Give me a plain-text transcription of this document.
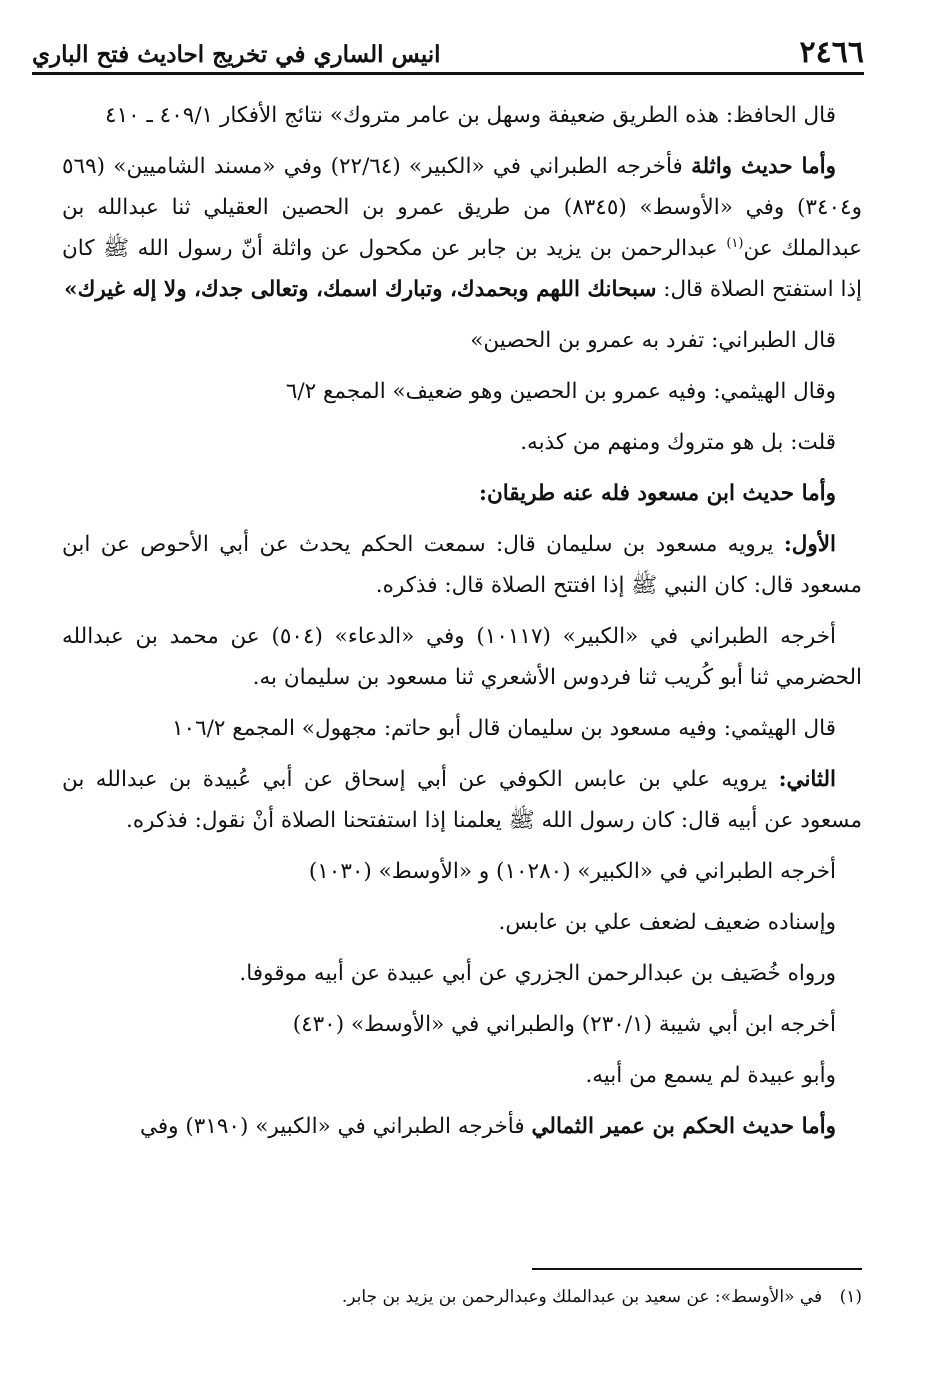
٢٤٦٦
انيس الساري في تخريج احاديث فتح الباري

قال الحافظ: هذه الطريق ضعيفة وسهل بن عامر متروك» نتائج الأفكار ٤٠٩/١ ـ ٤١٠

وأما حديث واثلة فأخرجه الطبراني في «الكبير» (٢٢/٦٤) وفي «مسند الشاميين» (٥٦٩ و٣٤٠٤) وفي «الأوسط» (٨٣٤٥) من طريق عمرو بن الحصين العقيلي ثنا عبدالله بن عبدالملك عن$^{(١)}$ عبدالرحمن بن يزيد بن جابر عن مكحول عن واثلة أنّ رسول الله ﷺ كان إذا استفتح الصلاة قال: سبحانك اللهم وبحمدك، وتبارك اسمك، وتعالى جدك، ولا إله غيرك»

قال الطبراني: تفرد به عمرو بن الحصين»

وقال الهيثمي: وفيه عمرو بن الحصين وهو ضعيف» المجمع ٦/٢

قلت: بل هو متروك ومنهم من كذبه.

وأما حديث ابن مسعود فله عنه طريقان:

الأول: يرويه مسعود بن سليمان قال: سمعت الحكم يحدث عن أبي الأحوص عن ابن مسعود قال: كان النبي ﷺ إذا افتتح الصلاة قال: فذكره.

أخرجه الطبراني في «الكبير» (١٠١١٧) وفي «الدعاء» (٥٠٤) عن محمد بن عبدالله الحضرمي ثنا أبو كُريب ثنا فردوس الأشعري ثنا مسعود بن سليمان به.

قال الهيثمي: وفيه مسعود بن سليمان قال أبو حاتم: مجهول» المجمع ١٠٦/٢

الثاني: يرويه علي بن عابس الكوفي عن أبي إسحاق عن أبي عُبيدة بن عبدالله بن مسعود عن أبيه قال: كان رسول الله ﷺ يعلمنا إذا استفتحنا الصلاة أنْ نقول: فذكره.

أخرجه الطبراني في «الكبير» (١٠٢٨٠) و «الأوسط» (١٠٣٠)

وإسناده ضعيف لضعف علي بن عابس.

ورواه خُصَيف بن عبدالرحمن الجزري عن أبي عبيدة عن أبيه موقوفا.

أخرجه ابن أبي شيبة (٢٣٠/١) والطبراني في «الأوسط» (٤٣٠)

وأبو عبيدة لم يسمع من أبيه.

وأما حديث الحكم بن عمير الثمالي فأخرجه الطبراني في «الكبير» (٣١٩٠) وفي

(١) في «الأوسط»: عن سعيد بن عبدالملك وعبدالرحمن بن يزيد بن جابر.
